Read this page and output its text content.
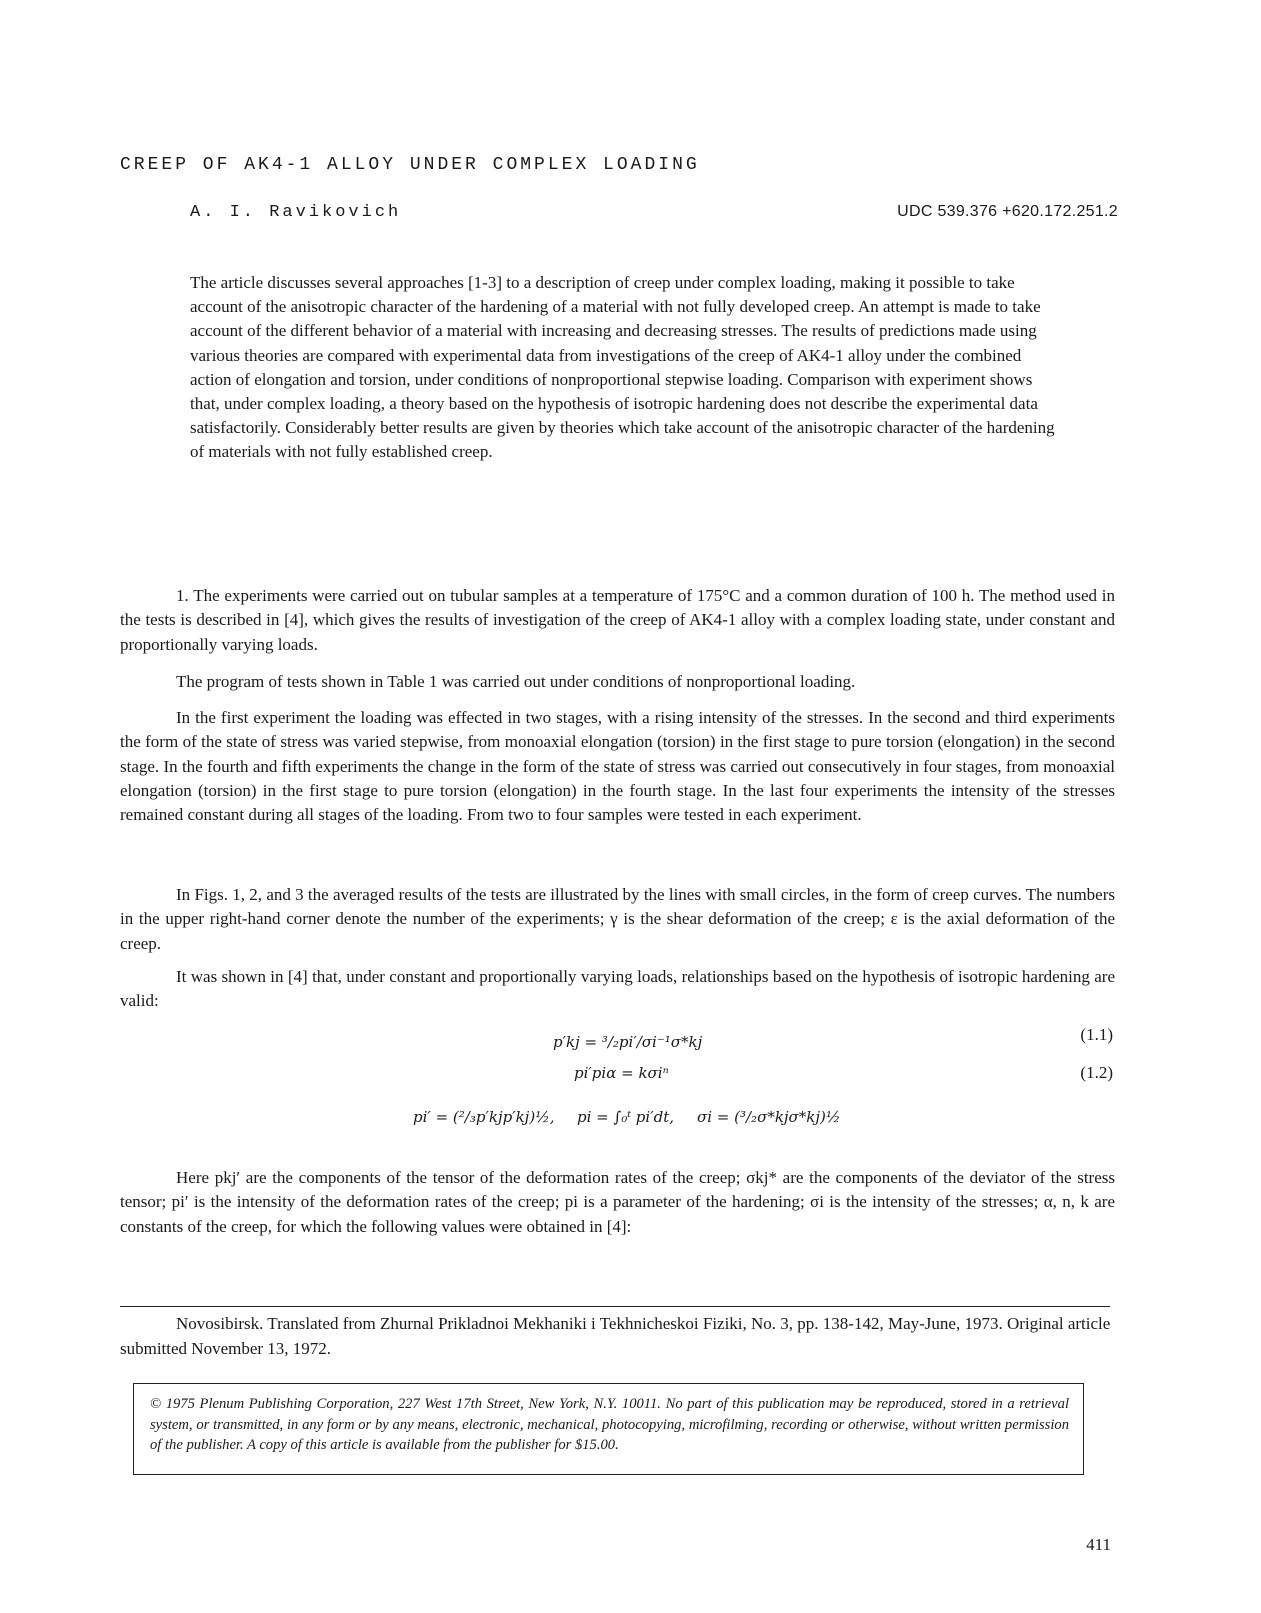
CREEP OF AK4-1 ALLOY UNDER COMPLEX LOADING
A. I. Ravikovich	UDC 539.376 +620.172.251.2
The article discusses several approaches [1-3] to a description of creep under complex loading, making it possible to take account of the anisotropic character of the hardening of a material with not fully developed creep. An attempt is made to take account of the different behavior of a material with increasing and decreasing stresses. The results of predictions made using various theories are compared with experimental data from investigations of the creep of AK4-1 alloy under the combined action of elongation and torsion, under conditions of nonproportional stepwise loading. Comparison with experiment shows that, under complex loading, a theory based on the hypothesis of isotropic hardening does not describe the experimental data satisfactorily. Considerably better results are given by theories which take account of the anisotropic character of the hardening of materials with not fully established creep.

1. The experiments were carried out on tubular samples at a temperature of 175°C and a common duration of 100 h. The method used in the tests is described in [4], which gives the results of investigation of the creep of AK4-1 alloy with a complex loading state, under constant and proportionally varying loads.

The program of tests shown in Table 1 was carried out under conditions of nonproportional loading.

In the first experiment the loading was effected in two stages, with a rising intensity of the stresses. In the second and third experiments the form of the state of stress was varied stepwise, from monoaxial elongation (torsion) in the first stage to pure torsion (elongation) in the second stage. In the fourth and fifth experiments the change in the form of the state of stress was carried out consecutively in four stages, from monoaxial elongation (torsion) in the first stage to pure torsion (elongation) in the fourth stage. In the last four experiments the intensity of the stresses remained constant during all stages of the loading. From two to four samples were tested in each experiment.

In Figs. 1, 2, and 3 the averaged results of the tests are illustrated by the lines with small circles, in the form of creep curves. The numbers in the upper right-hand corner denote the number of the experiments; γ is the shear deformation of the creep; ε is the axial deformation of the creep.

It was shown in [4] that, under constant and proportionally varying loads, relationships based on the hypothesis of isotropic hardening are valid:

p′kj = ³/₂pi′/σi⁻¹σ*kj	(1.1)
pi′piα = kσiⁿ	(1.2)
pi′ = (²/₃p′kjp′kj)½, pi = ∫₀ᵗ pi′dt, σi = (³/₂σ*kjσ*kj)½

Here pkj′ are the components of the tensor of the deformation rates of the creep; σkj* are the components of the deviator of the stress tensor; pi′ is the intensity of the deformation rates of the creep; pi is a parameter of the hardening; σi is the intensity of the stresses; α, n, k are constants of the creep, for which the following values were obtained in [4]:

Novosibirsk. Translated from Zhurnal Prikladnoi Mekhaniki i Tekhnicheskoi Fiziki, No. 3, pp. 138-142, May-June, 1973. Original article submitted November 13, 1972.

© 1975 Plenum Publishing Corporation, 227 West 17th Street, New York, N.Y. 10011. No part of this publication may be reproduced, stored in a retrieval system, or transmitted, in any form or by any means, electronic, mechanical, photocopying, microfilming, recording or otherwise, without written permission of the publisher. A copy of this article is available from the publisher for $15.00.
411
